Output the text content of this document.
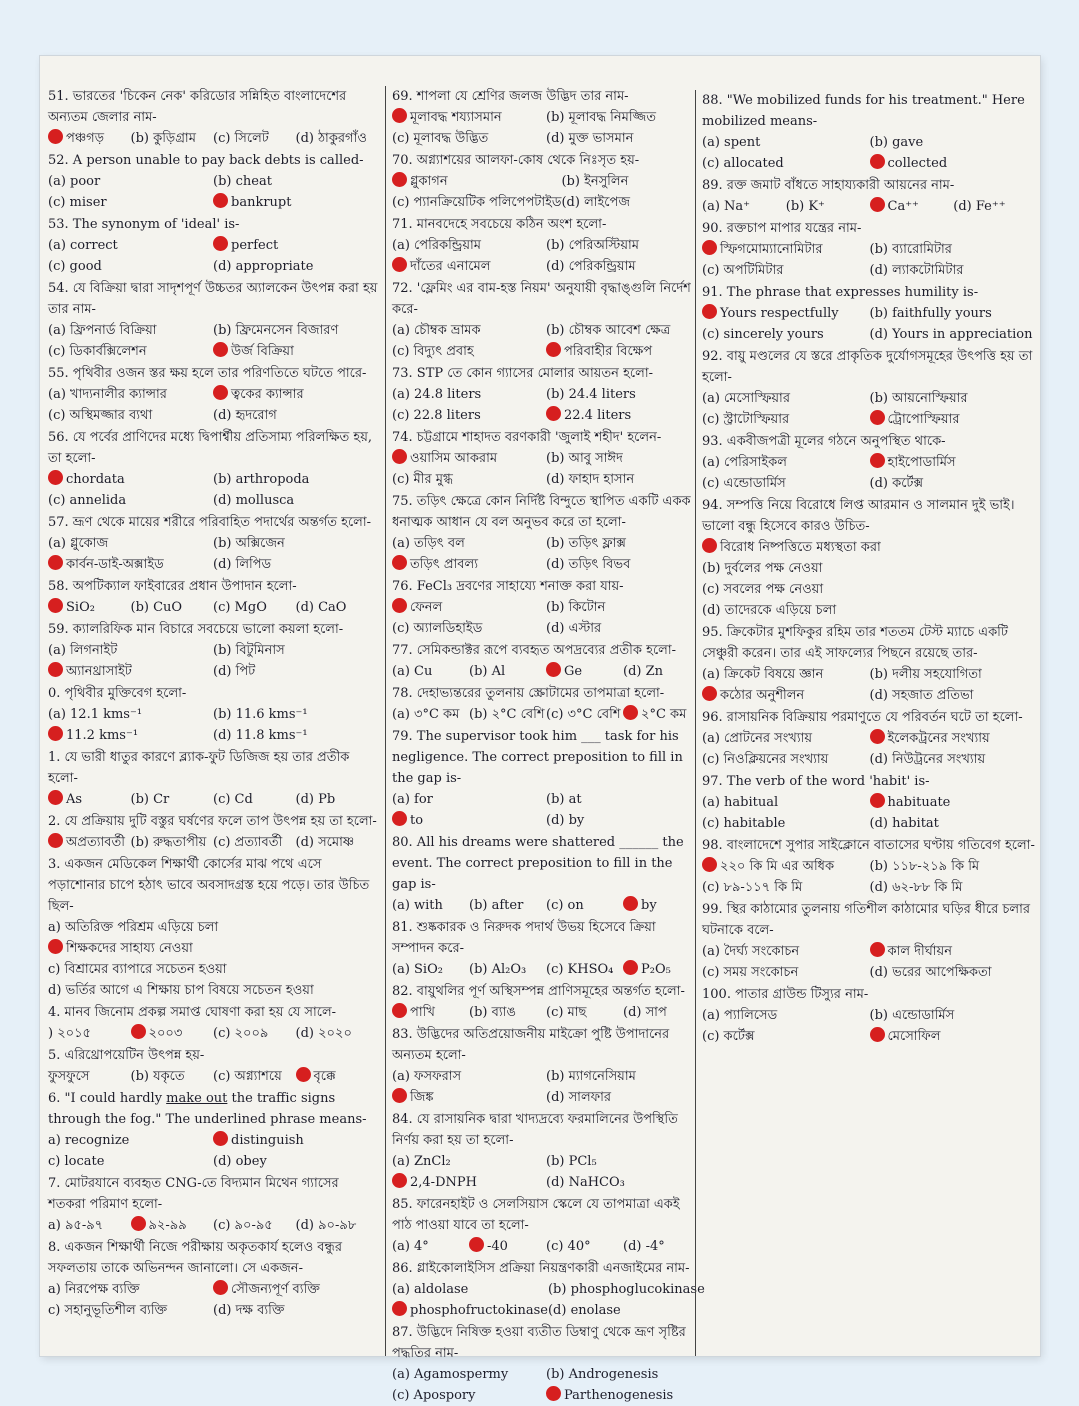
51. ভারতের 'চিকেন নেক' করিডোর সন্নিহিত বাংলাদেশের অন্যতম জেলার নাম-
পঞ্চগড়	(b) কুড়িগ্রাম	(c) সিলেট	(d) ঠাকুরগাঁও
52. A person unable to pay back debts is called-
(a) poor	(b) cheat
(c) miser	bankrupt
53. The synonym of 'ideal' is-
(a) correct	perfect
(c) good	(d) appropriate
54. যে বিক্রিয়া দ্বারা সাদৃশপূর্ণ উচ্চতর অ্যালকেন উৎপন্ন করা হয় তার নাম-
(a) ফ্রিপনার্ড বিক্রিয়া	(b) ফ্রিমেনসেন বিজারণ
(c) ডিকার্বক্সিলেশন	উর্জ বিক্রিয়া
55. পৃথিবীর ওজন স্তর ক্ষয় হলে তার পরিণতিতে ঘটতে পারে-
(a) খাদ্যনালীর ক্যান্সার	ত্বকের ক্যান্সার
(c) অস্থিমজ্জার ব্যথা	(d) হৃদরোগ
56. যে পর্বের প্রাণিদের মধ্যে দ্বিপার্শ্বীয় প্রতিসাম্য পরিলক্ষিত হয়, তা হলো-
chordata	(b) arthropoda
(c) annelida	(d) mollusca
57. ভ্রূণ থেকে মায়ের শরীরে পরিবাহিত পদার্থের অন্তর্গত হলো-
(a) গ্লুকোজ	(b) অক্সিজেন
কার্বন-ডাই-অক্সাইড	(d) লিপিড
58. অপটিক্যাল ফাইবারের প্রধান উপাদান হলো-
SiO₂	(b) CuO	(c) MgO	(d) CaO
59. ক্যালরিফিক মান বিচারে সবচেয়ে ভালো কয়লা হলো-
(a) লিগনাইট	(b) বিটুমিনাস
অ্যানথ্রাসাইট	(d) পিট
0. পৃথিবীর মুক্তিবেগ হলো-
(a) 12.1 kms⁻¹	(b) 11.6 kms⁻¹
11.2 kms⁻¹	(d) 11.8 kms⁻¹
1. যে ভারী ধাতুর কারণে ব্ল্যাক-ফুট ডিজিজ হয় তার প্রতীক হলো-
As	(b) Cr	(c) Cd	(d) Pb
2. যে প্রক্রিয়ায় দুটি বস্তুর ঘর্ষণের ফলে তাপ উৎপন্ন হয় তা হলো-
অপ্রত্যাবর্তী (b) রুদ্ধতাপীয় (c) প্রত্যাবর্তী	(d) সমোষ্ণ
3. একজন মেডিকেল শিক্ষার্থী কোর্সের মাঝ পথে এসে পড়াশোনার চাপে হঠাৎ ভাবে অবসাদগ্রস্ত হয়ে পড়ে। তার উচিত ছিল-
a) অতিরিক্ত পরিশ্রম এড়িয়ে চলা
শিক্ষকদের সাহায্য নেওয়া
c) বিশ্রামের ব্যাপারে সচেতন হওয়া
d) ভর্তির আগে এ শিক্ষায় চাপ বিষয়ে সচেতন হওয়া
4. মানব জিনোম প্রকল্প সমাপ্ত ঘোষণা করা হয় যে সালে-
) ২০১৫	২০০৩	(c) ২০০৯	(d) ২০২০
5. এরিথ্রোপয়েটিন উৎপন্ন হয়-
ফুসফুসে	(b) যকৃতে	(c) অগ্ন্যাশয়ে	বৃক্কে
6. "I could hardly make out the traffic signs through the fog." The underlined phrase means-
a) recognize	distinguish
c) locate	(d) obey
7. মোটরযানে ব্যবহৃত CNG-তে বিদ্যমান মিথেন গ্যাসের শতকরা পরিমাণ হলো-
a) ৯৫-৯৭	৯২-৯৯	(c) ৯০-৯৫	(d) ৯০-৯৮
8. একজন শিক্ষার্থী নিজে পরীক্ষায় অকৃতকার্য হলেও বন্ধুর সফলতায় তাকে অভিনন্দন জানালো। সে একজন-
a) নিরপেক্ষ ব্যক্তি	সৌজন্যপূর্ণ ব্যক্তি
c) সহানুভূতিশীল ব্যক্তি	(d) দক্ষ ব্যক্তি
69. শাপলা যে শ্রেণির জলজ উদ্ভিদ তার নাম-
মূলাবদ্ধ শয্যাসমান	(b) মূলাবদ্ধ নিমজ্জিত
(c) মূলাবদ্ধ উদ্ভিত	(d) মুক্ত ভাসমান
70. অগ্ন্যাশয়ের আলফা-কোষ থেকে নিঃসৃত হয়-
গ্লুকাগন	(b) ইনসুলিন
(c) প্যানক্রিয়েটিক পলিপেপটাইড (d) লাইপেজ
71. মানবদেহে সবচেয়ে কঠিন অংশ হলো-
(a) পেরিকন্ড্রিয়াম	(b) পেরিঅস্টিয়াম
দাঁতের এনামেল	(d) পেরিকন্ড্রিয়াম
72. 'ফ্লেমিং এর বাম-হস্ত নিয়ম' অনুযায়ী বৃদ্ধাঙ্গুলি নির্দেশ করে-
(a) চৌম্বক ভ্রামক	(b) চৌম্বক আবেশ ক্ষেত্র
(c) বিদ্যুৎ প্রবাহ	পরিবাহীর বিক্ষেপ
73. STP তে কোন গ্যাসের মোলার আয়তন হলো-
(a) 24.8 liters	(b) 24.4 liters
(c) 22.8 liters	22.4 liters
74. চট্টগ্রামে শাহাদত বরণকারী 'জুলাই শহীদ' হলেন-
ওয়াসিম আকরাম	(b) আবু সাঈদ
(c) মীর মুগ্ধ	(d) ফাহাদ হাসান
75. তড়িৎ ক্ষেত্রে কোন নির্দিষ্ট বিন্দুতে স্থাপিত একটি একক ধনাত্মক আধান যে বল অনুভব করে তা হলো-
(a) তড়িৎ বল	(b) তড়িৎ ফ্লাক্স
তড়িৎ প্রাবল্য	(d) তড়িৎ বিভব
76. FeCl₃ দ্রবণের সাহায্যে শনাক্ত করা যায়-
ফেনল	(b) কিটোন
(c) অ্যালডিহাইড	(d) এস্টার
77. সেমিকন্ডাক্টর রূপে ব্যবহৃত অপদ্রব্যের প্রতীক হলো-
(a) Cu	(b) Al	Ge	(d) Zn
78. দেহাভ্যন্তরের তুলনায় স্ক্রোটামের তাপমাত্রা হলো-
(a) ৩°C কম (b) ২°C বেশি (c) ৩°C বেশি	২°C কম
79. The supervisor took him ___ task for his negligence. The correct preposition to fill in the gap is-
(a) for	(b) at
to	(d) by
80. All his dreams were shattered ______ the event. The correct preposition to fill in the gap is-
(a) with	(b) after	(c) on	by
81. শুষ্ককারক ও নিরুদক পদার্থ উভয় হিসেবে ক্রিয়া সম্পাদন করে-
(a) SiO₂	(b) Al₂O₃	(c) KHSO₄	P₂O₅
82. বায়ুথলির পূর্ণ অস্থিসম্পন্ন প্রাণিসমূহের অন্তর্গত হলো-
পাখি	(b) ব্যাঙ	(c) মাছ	(d) সাপ
83. উদ্ভিদের অতিপ্রয়োজনীয় মাইক্রো পুষ্টি উপাদানের অন্যতম হলো-
(a) ফসফরাস	(b) ম্যাগনেসিয়াম
জিঙ্ক	(d) সালফার
84. যে রাসায়নিক দ্বারা খাদ্যদ্রব্যে ফরমালিনের উপস্থিতি নির্ণয় করা হয় তা হলো-
(a) ZnCl₂	(b) PCl₅
2,4-DNPH	(d) NaHCO₃
85. ফারেনহাইট ও সেলসিয়াস স্কেলে যে তাপমাত্রা একই পাঠ পাওয়া যাবে তা হলো-
(a) 4°	-40	(c) 40°	(d) -4°
86. গ্লাইকোলাইসিস প্রক্রিয়া নিয়ন্ত্রণকারী এনজাইমের নাম-
(a) aldolase	(b) phosphoglucokinase
phosphofructokinase (d) enolase
87. উদ্ভিদে নিষিক্ত হওয়া ব্যতীত ডিম্বাণু থেকে ভ্রূণ সৃষ্টির পদ্ধতির নাম-
(a) Agamospermy	(b) Androgenesis
(c) Apospory	Parthenogenesis
88. "We mobilized funds for his treatment." Here mobilized means-
(a) spent	(b) gave
(c) allocated	collected
89. রক্ত জমাট বাঁধতে সাহায্যকারী আয়নের নাম-
(a) Na⁺	(b) K⁺	Ca⁺⁺	(d) Fe⁺⁺
90. রক্তচাপ মাপার যন্ত্রের নাম-
স্ফিগমোম্যানোমিটার	(b) ব্যারোমিটার
(c) অপটিমিটার	(d) ল্যাকটোমিটার
91. The phrase that expresses humility is-
Yours respectfully	(b) faithfully yours
(c) sincerely yours	(d) Yours in appreciation
92. বায়ু মণ্ডলের যে স্তরে প্রাকৃতিক দুর্যোগসমূহের উৎপত্তি হয় তা হলো-
(a) মেসোস্ফিয়ার	(b) আয়নোস্ফিয়ার
(c) স্ট্রাটোস্ফিয়ার	ট্রোপোস্ফিয়ার
93. একবীজপত্রী মূলের গঠনে অনুপস্থিত থাকে-
(a) পেরিসাইকল	হাইপোডার্মিস
(c) এন্ডোডার্মিস	(d) কর্টেক্স
94. সম্পত্তি নিয়ে বিরোধে লিপ্ত আরমান ও সালমান দুই ভাই। ভালো বন্ধু হিসেবে কারও উচিত-
বিরোধ নিষ্পত্তিতে মধ্যস্থতা করা
(b) দুর্বলের পক্ষ নেওয়া
(c) সবলের পক্ষ নেওয়া
(d) তাদেরকে এড়িয়ে চলা
95. ক্রিকেটার মুশফিকুর রহিম তার শততম টেস্ট ম্যাচে একটি সেঞ্চুরী করেন। তার এই সাফল্যের পিছনে রয়েছে তার-
(a) ক্রিকেট বিষয়ে জ্ঞান	(b) দলীয় সহযোগিতা
কঠোর অনুশীলন	(d) সহজাত প্রতিভা
96. রাসায়নিক বিক্রিয়ায় পরমাণুতে যে পরিবর্তন ঘটে তা হলো-
(a) প্রোটনের সংখ্যায়	ইলেকট্রনের সংখ্যায়
(c) নিওক্লিয়নের সংখ্যায়	(d) নিউট্রনের সংখ্যায়
97. The verb of the word 'habit' is-
(a) habitual	habituate
(c) habitable	(d) habitat
98. বাংলাদেশে সুপার সাইক্লোনে বাতাসের ঘণ্টায় গতিবেগ হলো-
২২০ কি মি এর অধিক	(b) ১১৮-২১৯ কি মি
(c) ৮৯-১১৭ কি মি	(d) ৬২-৮৮ কি মি
99. স্থির কাঠামোর তুলনায় গতিশীল কাঠামোর ঘড়ির ধীরে চলার ঘটনাকে বলে-
(a) দৈর্ঘ্য সংকোচন	কাল দীর্ঘায়ন
(c) সময় সংকোচন	(d) ভরের আপেক্ষিকতা
100. পাতার গ্রাউন্ড টিস্যুর নাম-
(a) প্যালিসেড	(b) এন্ডোডার্মিস
(c) কর্টেক্স	মেসোফিল
